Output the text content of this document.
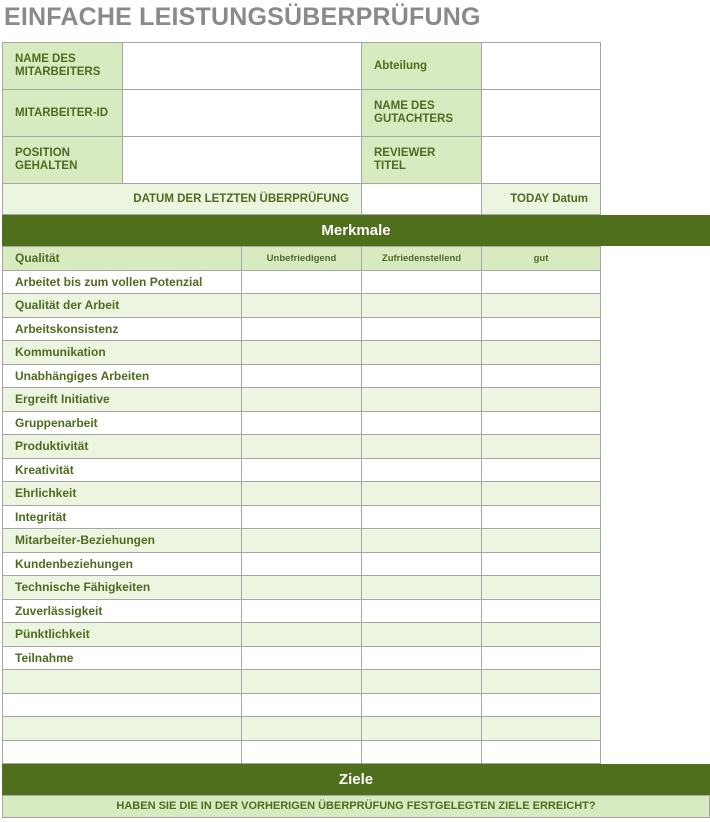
EINFACHE LEISTUNGSÜBERPRÜFUNG
NAME DES MITARBEITERS		Abteilung	
MITARBEITER-ID		NAME DES GUTACHTERS	
POSITION GEHALTEN		REVIEWER TITEL	
DATUM DER LETZTEN ÜBERPRÜFUNG			TODAY Datum
Merkmale
Qualität	Unbefriedigend	Zufriedenstellend	gut
Arbeitet bis zum vollen Potenzial			
Qualität der Arbeit			
Arbeitskonsistenz			
Kommunikation			
Unabhängiges Arbeiten			
Ergreift Initiative			
Gruppenarbeit			
Produktivität			
Kreativität			
Ehrlichkeit			
Integrität			
Mitarbeiter-Beziehungen			
Kundenbeziehungen			
Technische Fähigkeiten			
Zuverlässigkeit			
Pünktlichkeit			
Teilnahme			

Ziele
HABEN SIE DIE IN DER VORHERIGEN ÜBERPRÜFUNG FESTGELEGTEN ZIELE ERREICHT?
